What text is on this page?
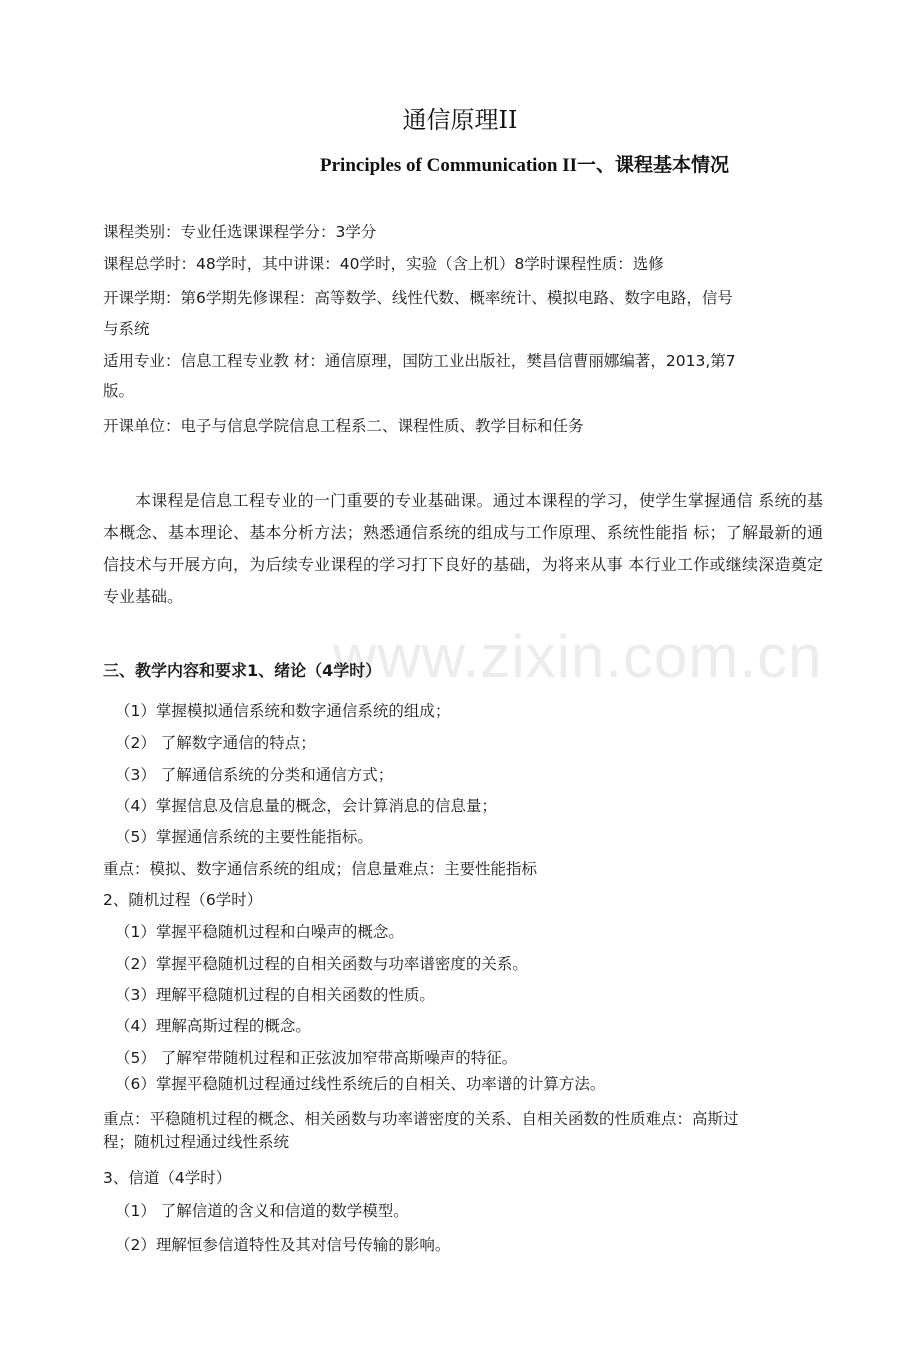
www.zixin.com.cn
通信原理II
Principles of Communication II一、课程基本情况
课程类别：专业任选课课程学分：3学分
课程总学时：48学时，其中讲课：40学时，实验（含上机）8学时课程性质：选修
开课学期：第6学期先修课程：高等数学、线性代数、概率统计、模拟电路、数字电路，信号
与系统
适用专业：信息工程专业教 材：通信原理，国防工业出版社，樊昌信曹丽娜编著，2013,第7
版。
开课单位：电子与信息学院信息工程系二、课程性质、教学目标和任务
本课程是信息工程专业的一门重要的专业基础课。通过本课程的学习，使学生掌握通信 系统的基本概念、基本理论、基本分析方法；熟悉通信系统的组成与工作原理、系统性能指 标；了解最新的通信技术与开展方向，为后续专业课程的学习打下良好的基础，为将来从事 本行业工作或继续深造奠定专业基础。
三、教学内容和要求1、绪论（4学时）
（1）掌握模拟通信系统和数字通信系统的组成；
（2） 了解数字通信的特点；
（3） 了解通信系统的分类和通信方式；
（4）掌握信息及信息量的概念，会计算消息的信息量；
（5）掌握通信系统的主要性能指标。
重点：模拟、数字通信系统的组成；信息量难点：主要性能指标
2、随机过程（6学时）
（1）掌握平稳随机过程和白噪声的概念。
（2）掌握平稳随机过程的自相关函数与功率谱密度的关系。
（3）理解平稳随机过程的自相关函数的性质。
（4）理解高斯过程的概念。
（5） 了解窄带随机过程和正弦波加窄带高斯噪声的特征。
（6）掌握平稳随机过程通过线性系统后的自相关、功率谱的计算方法。
重点：平稳随机过程的概念、相关函数与功率谱密度的关系、自相关函数的性质难点：高斯过
程；随机过程通过线性系统
3、信道（4学时）
（1） 了解信道的含义和信道的数学模型。
（2）理解恒参信道特性及其对信号传输的影响。
